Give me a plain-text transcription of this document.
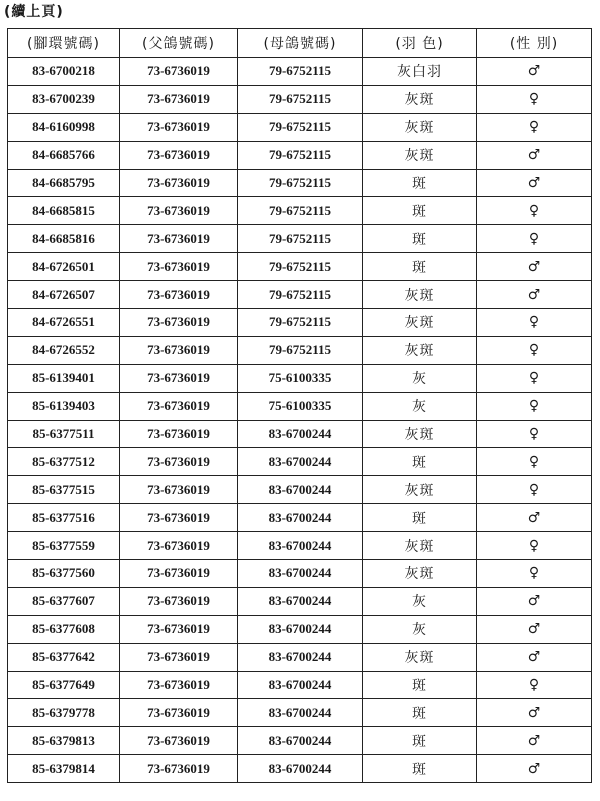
(續上頁)
(腳環號碼)	(父鴿號碼)	(母鴿號碼)	(羽 色)	(性 別)
83-6700218	73-6736019	79-6752115	灰白羽	♂
83-6700239	73-6736019	79-6752115	灰斑	♀
84-6160998	73-6736019	79-6752115	灰斑	♀
84-6685766	73-6736019	79-6752115	灰斑	♂
84-6685795	73-6736019	79-6752115	斑	♂
84-6685815	73-6736019	79-6752115	斑	♀
84-6685816	73-6736019	79-6752115	斑	♀
84-6726501	73-6736019	79-6752115	斑	♂
84-6726507	73-6736019	79-6752115	灰斑	♂
84-6726551	73-6736019	79-6752115	灰斑	♀
84-6726552	73-6736019	79-6752115	灰斑	♀
85-6139401	73-6736019	75-6100335	灰	♀
85-6139403	73-6736019	75-6100335	灰	♀
85-6377511	73-6736019	83-6700244	灰斑	♀
85-6377512	73-6736019	83-6700244	斑	♀
85-6377515	73-6736019	83-6700244	灰斑	♀
85-6377516	73-6736019	83-6700244	斑	♂
85-6377559	73-6736019	83-6700244	灰斑	♀
85-6377560	73-6736019	83-6700244	灰斑	♀
85-6377607	73-6736019	83-6700244	灰	♂
85-6377608	73-6736019	83-6700244	灰	♂
85-6377642	73-6736019	83-6700244	灰斑	♂
85-6377649	73-6736019	83-6700244	斑	♀
85-6379778	73-6736019	83-6700244	斑	♂
85-6379813	73-6736019	83-6700244	斑	♂
85-6379814	73-6736019	83-6700244	斑	♂
